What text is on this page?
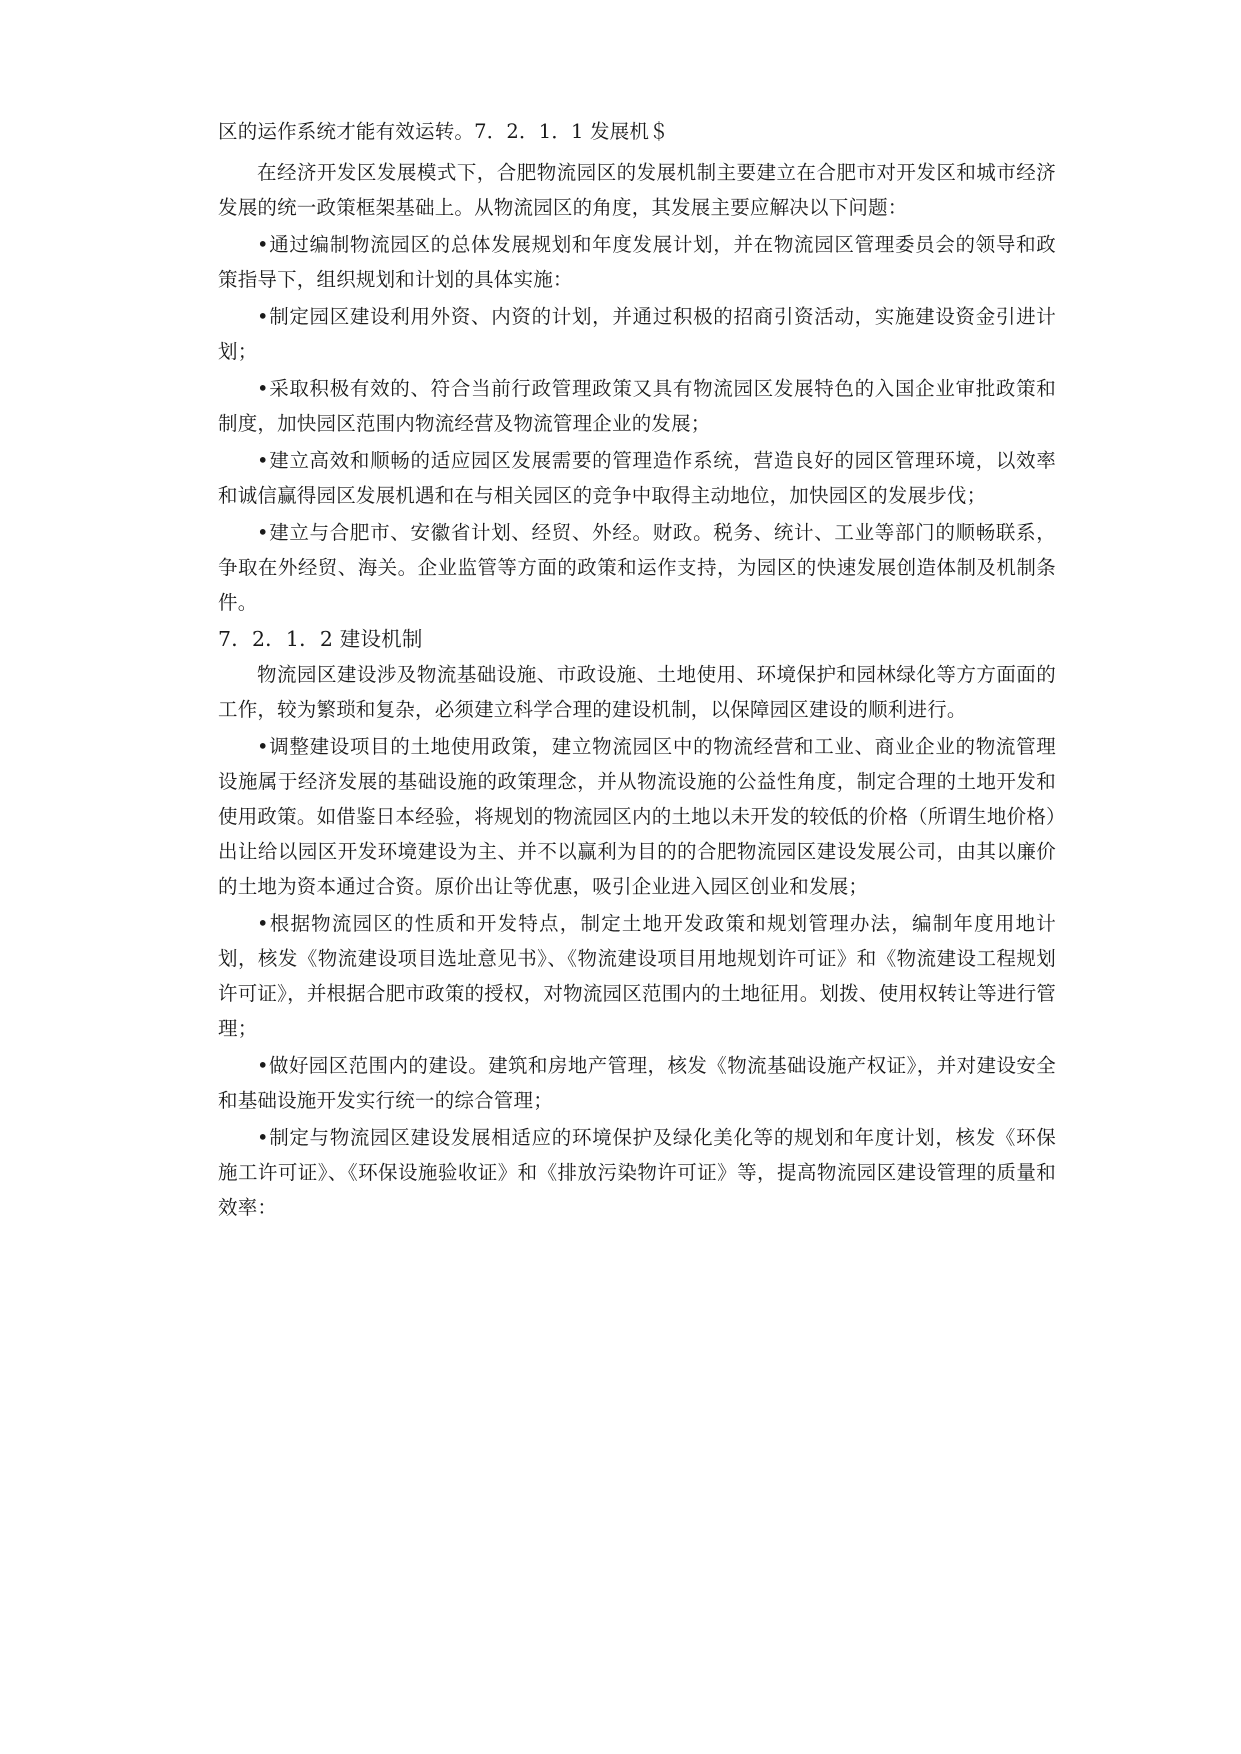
区的运作系统才能有效运转。7．2．1．1 发展机＄

在经济开发区发展模式下，合肥物流园区的发展机制主要建立在合肥市对开发区和城市经济发展的统一政策框架基础上。从物流园区的角度，其发展主要应解决以下问题：

•通过编制物流园区的总体发展规划和年度发展计划，并在物流园区管理委员会的领导和政策指导下，组织规划和计划的具体实施：

•制定园区建设利用外资、内资的计划，并通过积极的招商引资活动，实施建设资金引进计划；

•采取积极有效的、符合当前行政管理政策又具有物流园区发展特色的入国企业审批政策和制度，加快园区范围内物流经营及物流管理企业的发展；

•建立高效和顺畅的适应园区发展需要的管理造作系统，营造良好的园区管理环境，以效率和诚信赢得园区发展机遇和在与相关园区的竞争中取得主动地位，加快园区的发展步伐；

•建立与合肥市、安徽省计划、经贸、外经。财政。税务、统计、工业等部门的顺畅联系，争取在外经贸、海关。企业监管等方面的政策和运作支持，为园区的快速发展创造体制及机制条件。

7．2．1．2 建设机制

物流园区建设涉及物流基础设施、市政设施、土地使用、环境保护和园林绿化等方方面面的工作，较为繁琐和复杂，必须建立科学合理的建设机制，以保障园区建设的顺利进行。

•调整建设项目的土地使用政策，建立物流园区中的物流经营和工业、商业企业的物流管理设施属于经济发展的基础设施的政策理念，并从物流设施的公益性角度，制定合理的土地开发和使用政策。如借鉴日本经验，将规划的物流园区内的土地以未开发的较低的价格（所谓生地价格）出让给以园区开发环境建设为主、并不以赢利为目的的合肥物流园区建设发展公司，由其以廉价的土地为资本通过合资。原价出让等优惠，吸引企业进入园区创业和发展；

•根据物流园区的性质和开发特点，制定土地开发政策和规划管理办法，编制年度用地计划，核发《物流建设项目选址意见书》、《物流建设项目用地规划许可证》和《物流建设工程规划许可证》，并根据合肥市政策的授权，对物流园区范围内的土地征用。划拨、使用权转让等进行管理；

•做好园区范围内的建设。建筑和房地产管理，核发《物流基础设施产权证》，并对建设安全和基础设施开发实行统一的综合管理；

•制定与物流园区建设发展相适应的环境保护及绿化美化等的规划和年度计划，核发《环保施工许可证》、《环保设施验收证》和《排放污染物许可证》等，提高物流园区建设管理的质量和效率：
